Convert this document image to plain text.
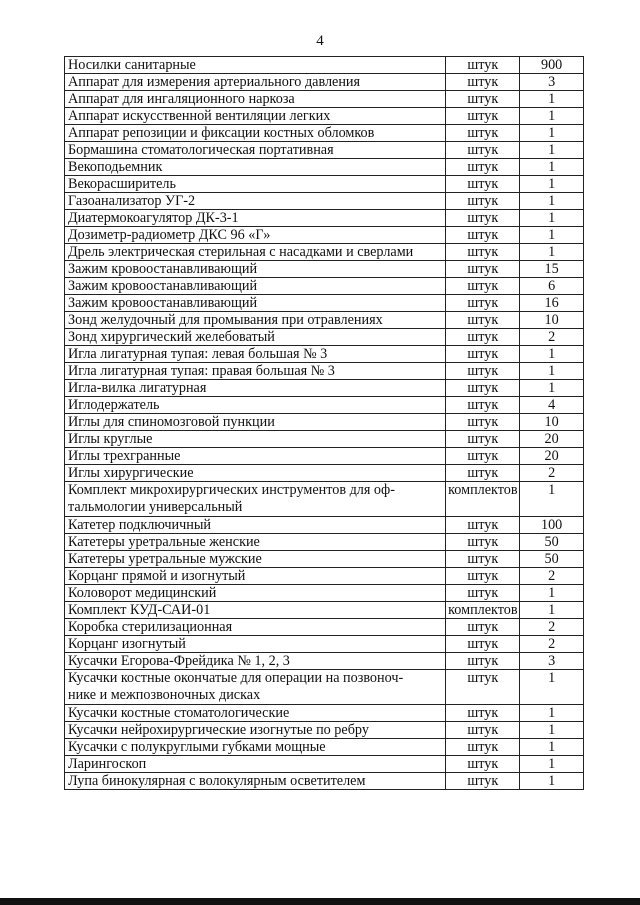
4
Носилки санитарные	штук	900
Аппарат для измерения артериального давления	штук	3
Аппарат для ингаляционного наркоза	штук	1
Аппарат искусственной вентиляции легких	штук	1
Аппарат репозиции и фиксации костных обломков	штук	1
Бормашина стоматологическая портативная	штук	1
Векоподьемник	штук	1
Векорасширитель	штук	1
Газоанализатор УГ-2	штук	1
Диатермокоагулятор ДК-3-1	штук	1
Дозиметр-радиометр ДКС 96 «Г»	штук	1
Дрель электрическая стерильная с насадками и сверлами	штук	1
Зажим кровоостанавливающий	штук	15
Зажим кровоостанавливающий	штук	6
Зажим кровоостанавливающий	штук	16
Зонд желудочный для промывания при отравлениях	штук	10
Зонд хирургический желебоватый	штук	2
Игла лигатурная тупая: левая большая № 3	штук	1
Игла лигатурная тупая: правая большая № 3	штук	1
Игла-вилка лигатурная	штук	1
Иглодержатель	штук	4
Иглы для спиномозговой пункции	штук	10
Иглы круглые	штук	20
Иглы трехгранные	штук	20
Иглы хирургические	штук	2

Комплект микрохирургических инструментов для оф-
тальмологии универсальный	комплектов	1
Катетер подключичный	штук	100
Катетеры уретральные женские	штук	50
Катетеры уретральные мужские	штук	50
Корцанг прямой и изогнутый	штук	2
Коловорот медицинский	штук	1
Комплект КУД-САИ-01	комплектов	1
Коробка стерилизационная	штук	2
Корцанг изогнутый	штук	2
Кусачки Егорова-Фрейдика № 1, 2, 3	штук	3

Кусачки костные окончатые для операции на позвоноч-
нике и межпозвоночных дисках	штук	1
Кусачки костные стоматологические	штук	1
Кусачки нейрохирургические изогнутые по ребру	штук	1
Кусачки с полукруглыми губками мощные	штук	1
Ларингоскоп	штук	1
Лупа бинокулярная с волокулярным осветителем	штук	1
